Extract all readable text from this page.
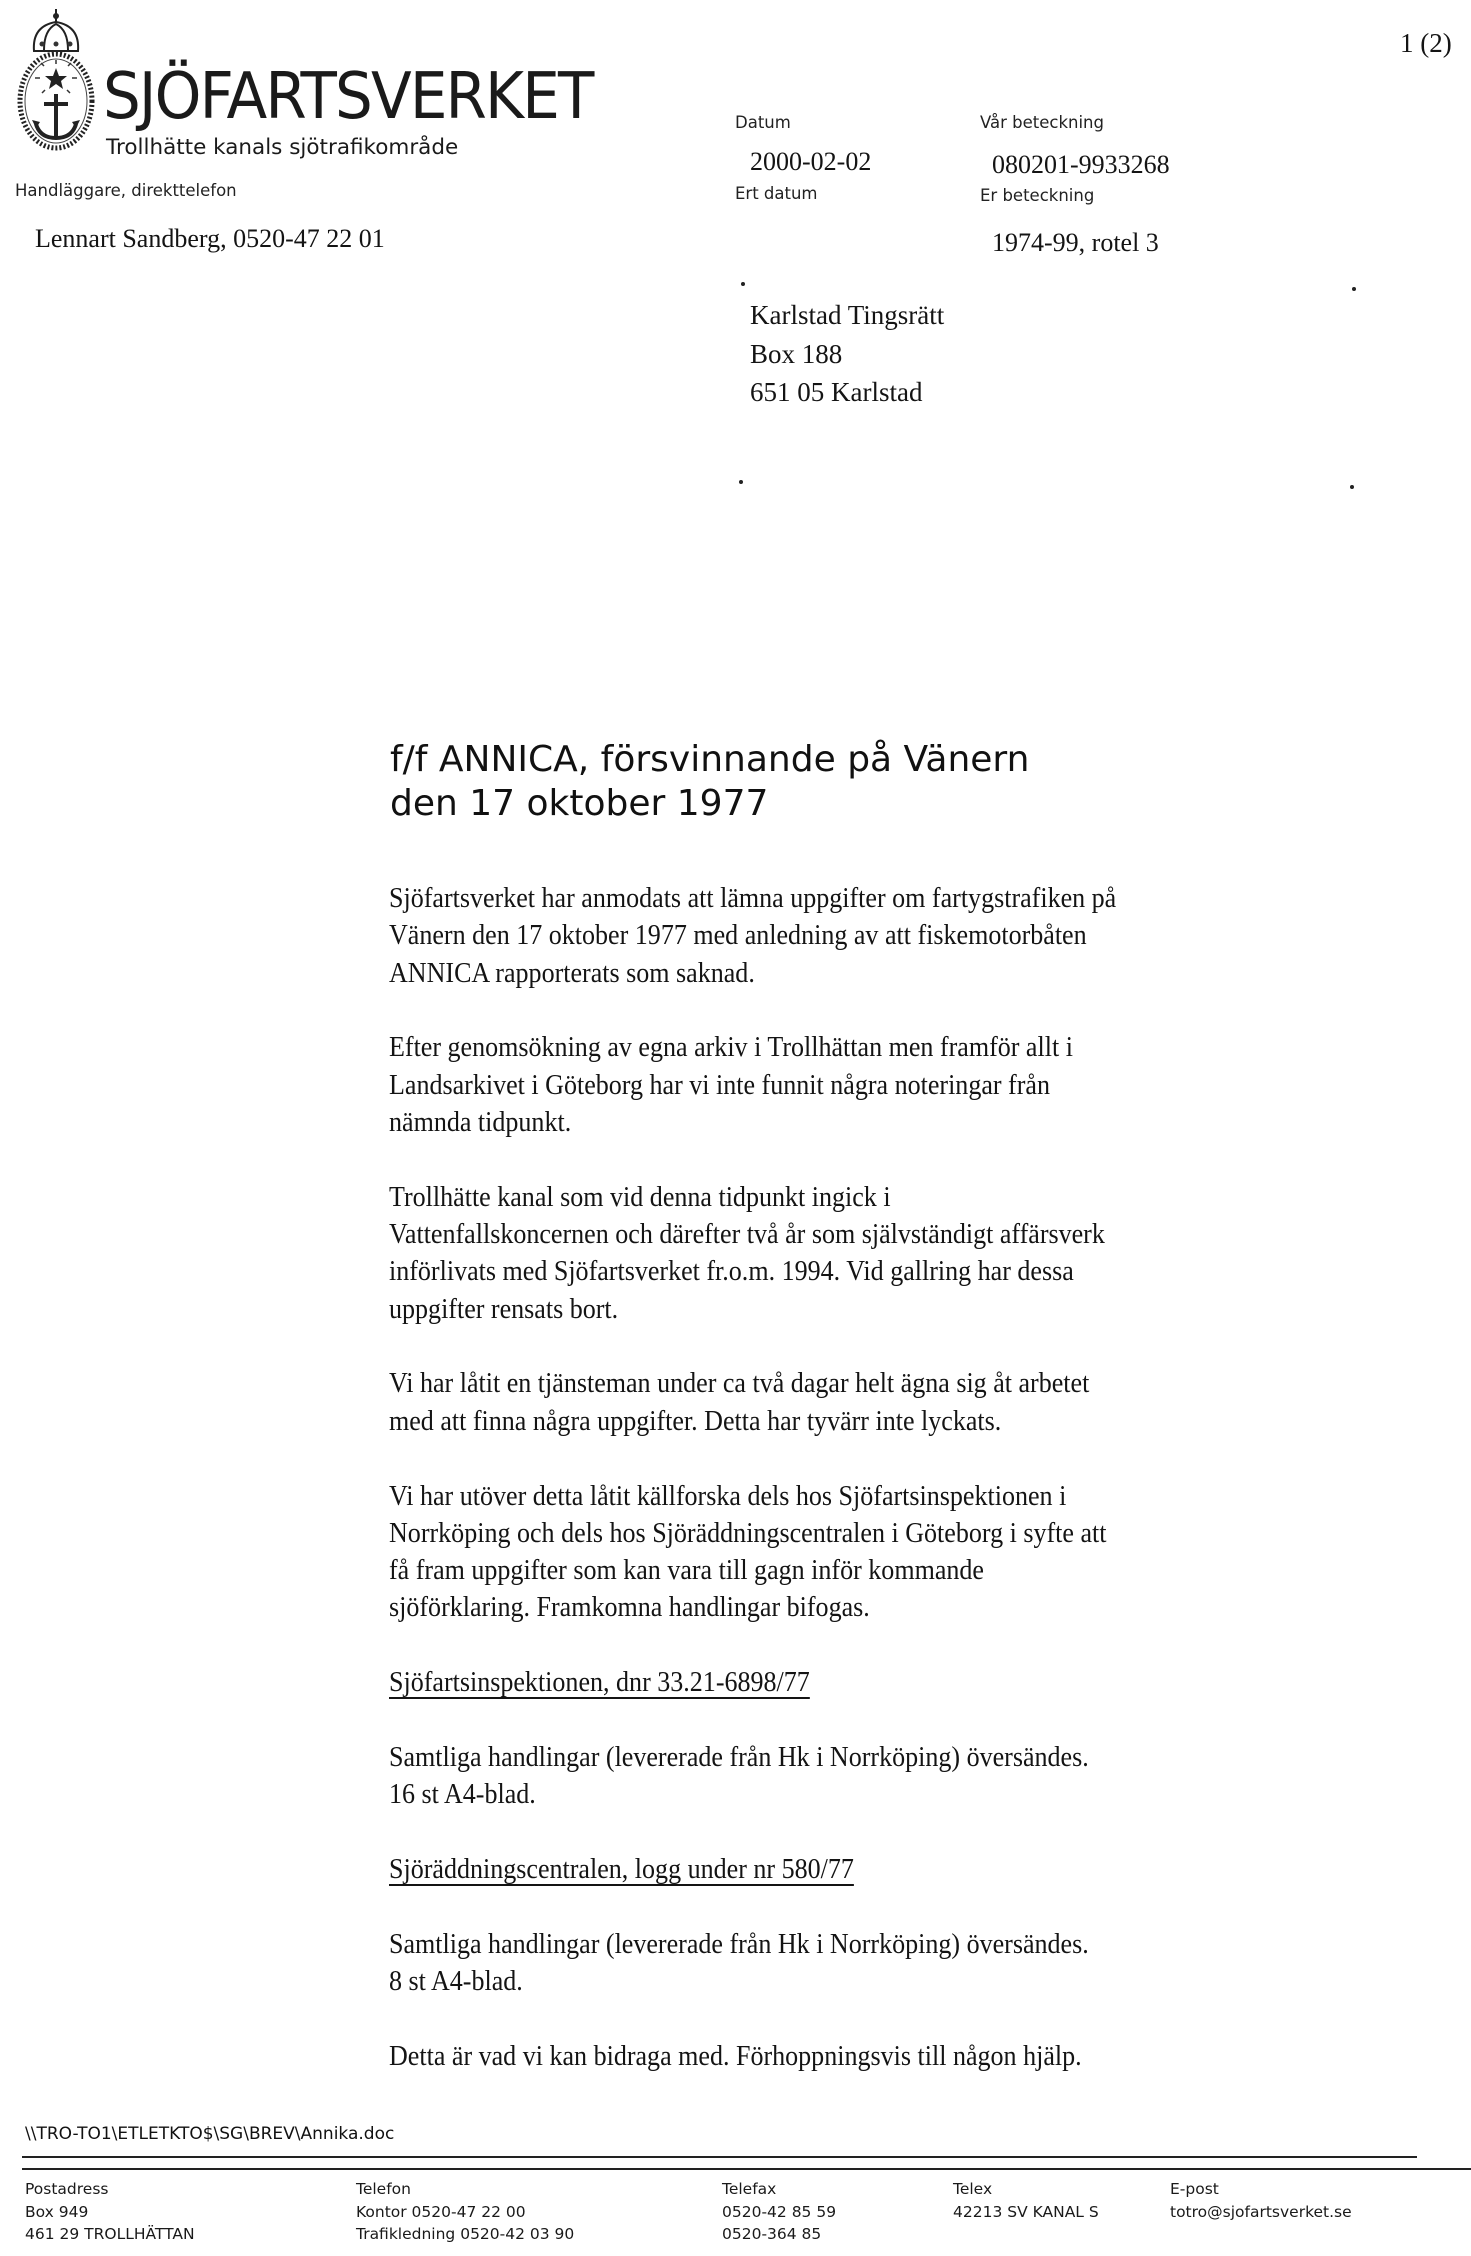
SJÖFARTSVERKET
Trollhätte kanals sjötrafikområde
Handläggare, direkttelefon
Lennart Sandberg, 0520-47 22 01
1 (2)
Datum
2000-02-02
Ert datum
Vår beteckning
080201-9933268
Er beteckning
1974-99, rotel 3
Karlstad Tingsrätt
Box 188
651 05 Karlstad
f/f ANNICA, försvinnande på Vänern
den 17 oktober 1977

Sjöfartsverket har anmodats att lämna uppgifter om fartygstrafiken på
Vänern den 17 oktober 1977 med anledning av att fiskemotorbåten
ANNICA rapporterats som saknad.

Efter genomsökning av egna arkiv i Trollhättan men framför allt i
Landsarkivet i Göteborg har vi inte funnit några noteringar från
nämnda tidpunkt.

Trollhätte kanal som vid denna tidpunkt ingick i
Vattenfallskoncernen och därefter två år som självständigt affärsverk
införlivats med Sjöfartsverket fr.o.m. 1994. Vid gallring har dessa
uppgifter rensats bort.

Vi har låtit en tjänsteman under ca två dagar helt ägna sig åt arbetet
med att finna några uppgifter. Detta har tyvärr inte lyckats.

Vi har utöver detta låtit källforska dels hos Sjöfartsinspektionen i
Norrköping och dels hos Sjöräddningscentralen i Göteborg i syfte att
få fram uppgifter som kan vara till gagn inför kommande
sjöförklaring. Framkomna handlingar bifogas.

Sjöfartsinspektionen, dnr 33.21-6898/77

Samtliga handlingar (levererade från Hk i Norrköping) översändes.
16 st A4-blad.

Sjöräddningscentralen, logg under nr 580/77

Samtliga handlingar (levererade från Hk i Norrköping) översändes.
8 st A4-blad.

Detta är vad vi kan bidraga med. Förhoppningsvis till någon hjälp.

\\TRO-TO1\ETLETKTO$\SG\BREV\Annika.doc
Postadress
Box 949
461 29 TROLLHÄTTAN
Telefon
Kontor 0520-47 22 00
Trafikledning 0520-42 03 90
Telefax
0520-42 85 59
0520-364 85
Telex
42213 SV KANAL S
E-post
totro@sjofartsverket.se
